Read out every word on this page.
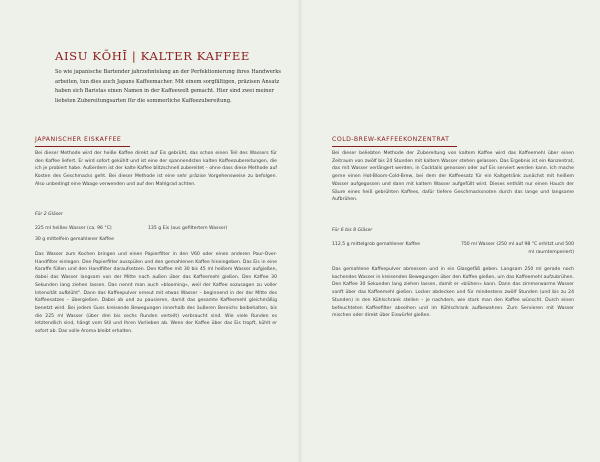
AISU KŌHĪ | KALTER KAFFEE
So wie japanische Bartender jahrzehntelang an der Perfektionierung ihres Handwerks arbeiten, tun dies auch Japans Kaffeemacher. Mit einem sorgfältigen, präzisen Ansatz haben sich Baristas einen Namen in der Kaffeewelt gemacht. Hier sind zwei meiner liebsten Zubereitungsarten für die sommerliche Kaffeezubereitung.
JAPANISCHER EISKAFFEE
Bei dieser Methode wird der heiße Kaffee direkt auf Eis gebrüht, das schon einen Teil des Wassers für den Kaffee liefert. Er wird sofort gekühlt und ist eine der spannendsten kalten Kaffeezubereitungen, die ich je probiert habe. Außerdem ist der kalte Kaffee blitzschnell zubereitet – ohne dass diese Methode auf Kosten des Geschmacks geht. Bei dieser Methode ist eine sehr präzise Vorgehensweise zu befolgen. Also unbedingt eine Waage verwenden und auf den Mahlgrad achten.
Für 2 Gläser
225 ml heißes Wasser (ca. 96 °C)	135 g Eis (aus gefiltertem Wasser)
30 g mittelfein gemahlener Kaffee
Das Wasser zum Kochen bringen und einen Papierfilter in den V60 oder einen anderen Pour-Over-Handfilter einlegen. Den Papierfilter ausspülen und den gemahlenen Kaffee hineingeben. Das Eis in eine Karaffe füllen und den Handfilter daraufsetzen. Den Kaffee mit 30 bis 45 ml heißem Wasser aufgießen, dabei das Wasser langsam von der Mitte nach außen über das Kaffeemehl gießen. Den Kaffee 30 Sekunden lang ziehen lassen. Das nennt man auch »blooming«, weil der Kaffee sozusagen zu voller Intensität aufblüht". Dann das Kaffeepulver erneut mit etwas Wasser – beginnend in der der Mitte des Kaffeesatzes – übergießen. Dabei ab und zu pausieren, damit das gesamte Kaffeemehl gleichmäßig benetzt wird. Bei jedem Guss kreisende Bewegungen innerhalb des äußeren Bereichs beibehalten, bis die 225 ml Wasser (über drei bis sechs Runden verteilt) verbraucht sind. Wie viele Runden es letztendlich sind, hängt vom Stil und Ihren Vorlieben ab. Wenn der Kaffee über das Eis tropft, kühlt er sofort ab. Das volle Aroma bleibt erhalten.
COLD-BREW-KAFFEEKONZENTRAT
Bei dieser beliebten Methode der Zubereitung von kaltem Kaffee wird das Kaffeemehl über einen Zeitraum von zwölf bis 24 Stunden mit kaltem Wasser stehen gelassen. Das Ergebnis ist ein Konzentrat, das mit Wasser verlängert werden, in Cocktails genossen oder auf Eis serviert werden kann. Ich mache gerne einen Hot-Bloom-Cold-Brew, bei dem der Kaffeesatz für ein Kaltgetränk zunächst mit heißem Wasser aufgegossen und dann mit kaltem Wasser aufgefüllt wird. Dieses enthält nur einen Hauch der Säure eines heiß gebrühten Kaffees, dafür tiefere Geschmacksnoten durch das lange und langsame Aufbrühen.
Für 6 bis 8 Gläser
112,5 g mittelgrob gemahlener Kaffee	750 ml Wasser (250 ml auf 98 °C erhitzt und 500 ml raumtemperiert)
Das gemahlene Kaffeepulver abmessen und in ein Glasgefäß geben. Langsam 250 ml gerade noch kochendes Wasser in kreisenden Bewegungen über den Kaffee gießen, um das Kaffeemehl aufzubrühen. Den Kaffee 30 Sekunden lang ziehen lassen, damit er »blühen« kann. Dann das zimmerwarme Wasser sanft über das Kaffeemehl gießen. Locker abdecken und für mindestens zwölf Stunden (und bis zu 24 Stunden) in den Kühlschrank stellen – je nachdem, wie stark man den Kaffee wünscht. Durch einen befeuchteten Kaffeefilter abseihen und im Kühlschrank aufbewahren. Zum Servieren mit Wasser mischen oder direkt über Eiswürfel gießen.
